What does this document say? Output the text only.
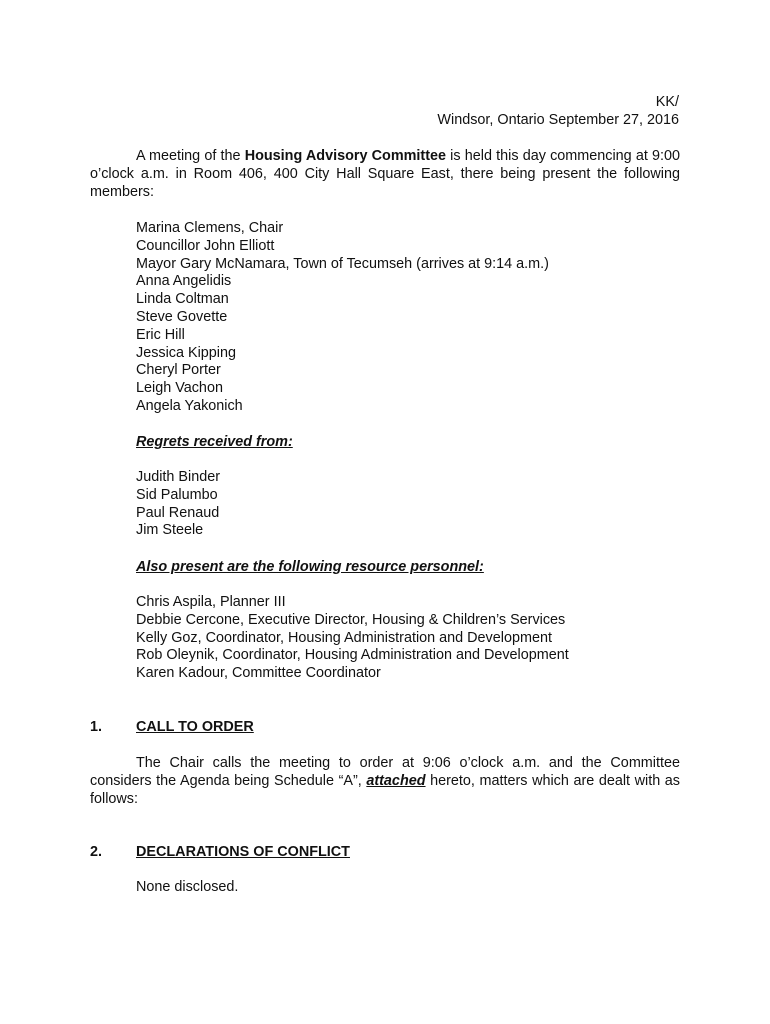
KK/
Windsor, Ontario September 27, 2016

A meeting of the Housing Advisory Committee is held this day commencing at 9:00 o’clock a.m. in Room 406, 400 City Hall Square East, there being present the following members:

Marina Clemens, Chair
Councillor John Elliott
Mayor Gary McNamara, Town of Tecumseh (arrives at 9:14 a.m.)
Anna Angelidis
Linda Coltman
Steve Govette
Eric Hill
Jessica Kipping
Cheryl Porter
Leigh Vachon
Angela Yakonich
Regrets received from:
Judith Binder
Sid Palumbo
Paul Renaud
Jim Steele
Also present are the following resource personnel:
Chris Aspila, Planner III
Debbie Cercone, Executive Director, Housing & Children’s Services
Kelly Goz, Coordinator, Housing Administration and Development
Rob Oleynik, Coordinator, Housing Administration and Development
Karen Kadour, Committee Coordinator
1. CALL TO ORDER

The Chair calls the meeting to order at 9:06 o’clock a.m. and the Committee considers the Agenda being Schedule “A”, attached hereto, matters which are dealt with as follows:

2. DECLARATIONS OF CONFLICT
None disclosed.
